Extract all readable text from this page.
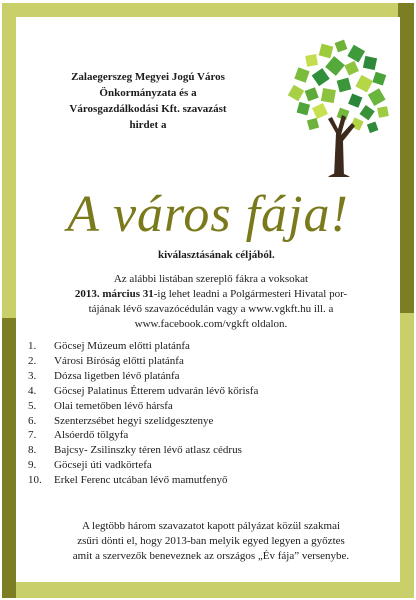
Zalaegerszeg Megyei Jogú Város
Önkormányzata és a
Városgazdálkodási Kft. szavazást
hirdet a
A város fája!
kiválasztásának céljából.
Az alábbi listában szereplő fákra a voksokat
2013. március 31-ig lehet leadni a Polgármesteri Hivatal por-
tájának lévő szavazócédulán vagy a www.vgkft.hu ill. a
www.facebook.com/vgkft oldalon.
1.	Göcsej Múzeum előtti platánfa
2.	Városi Bíróság előtti platánfa
3.	Dózsa ligetben lévő platánfa
4.	Göcsej Palatinus Étterem udvarán lévő kőrisfa
5.	Olai temetőben lévő hársfa
6.	Szenterzsébet hegyi szelídgesztenye
7.	Alsóerdő tölgyfa
8.	Bajcsy- Zsilinszky téren lévő atlasz cédrus
9.	Göcseji úti vadkörtefa
10.	Erkel Ferenc utcában lévő mamutfenyő
A legtöbb három szavazatot kapott pályázat közül szakmai
zsűri dönti el, hogy 2013-ban melyik egyed legyen a győztes
amit a szervezők beneveznek az országos „Év fája” versenybe.
